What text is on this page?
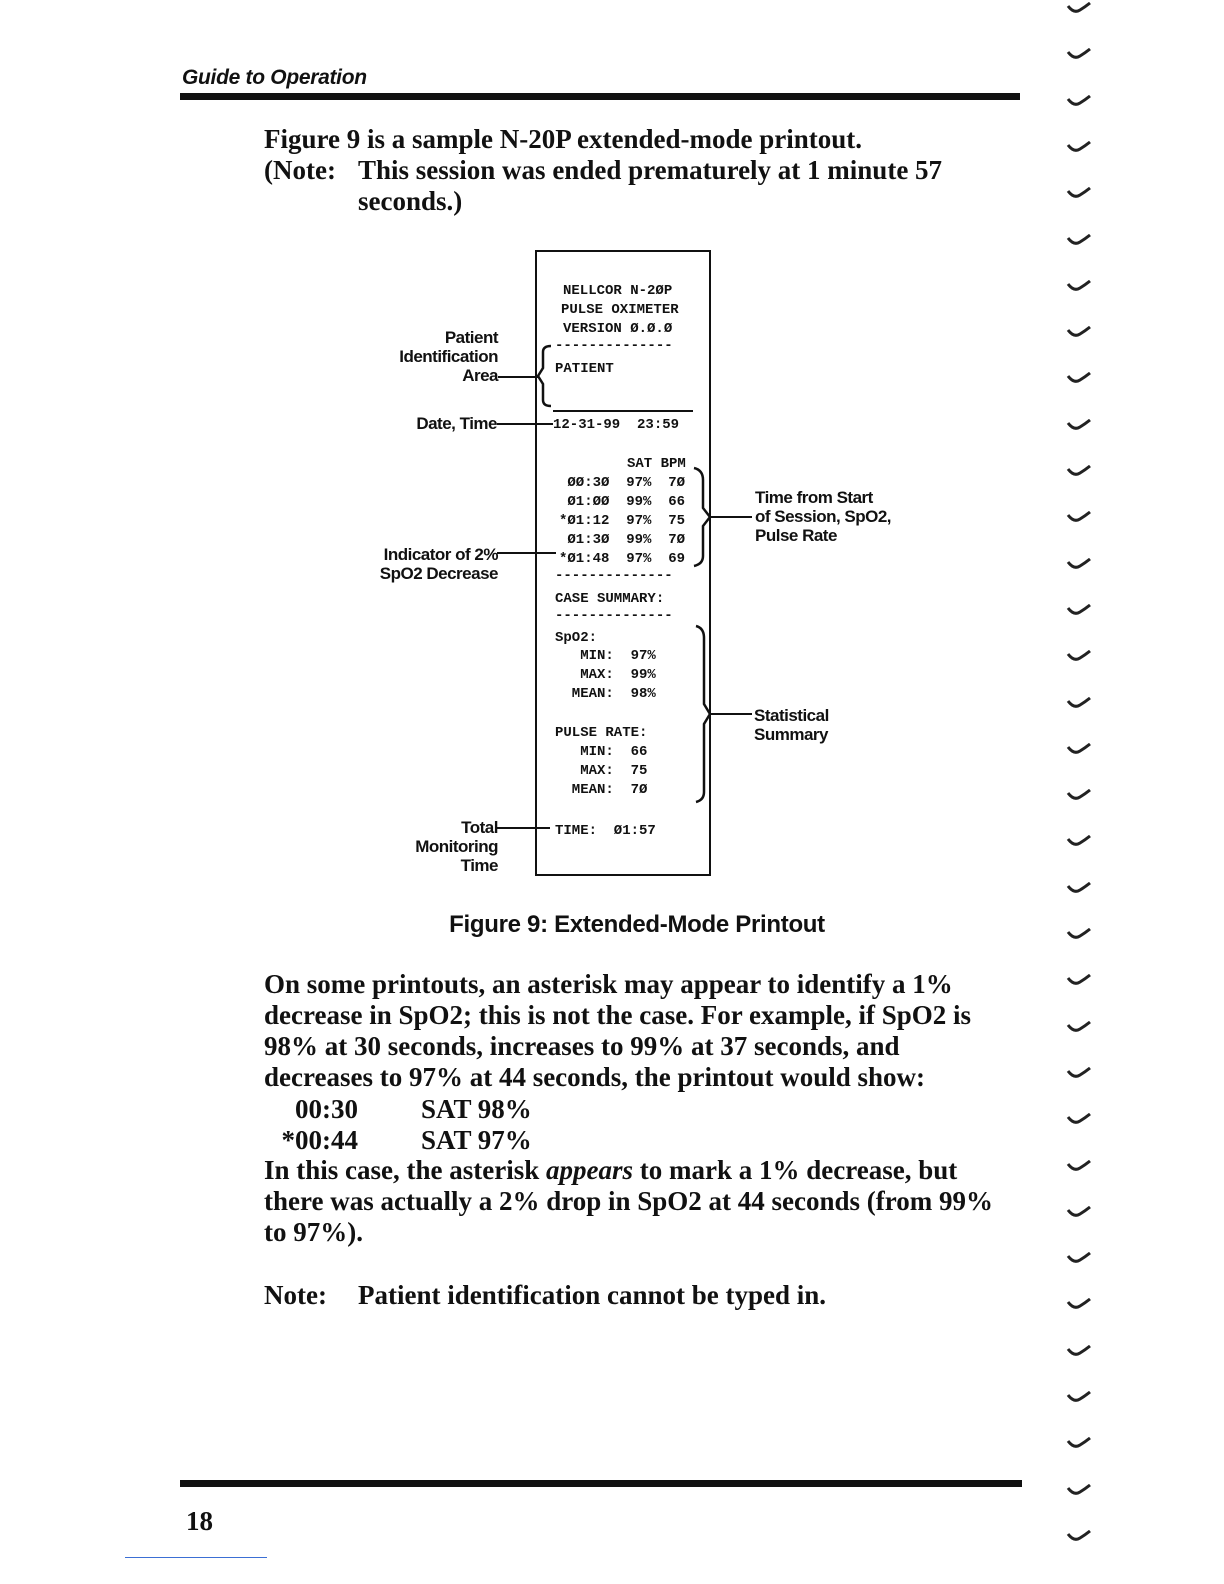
Guide to Operation
Figure 9 is a sample N-20P extended-mode printout.
(Note: This session was ended prematurely at 1 minute 57 seconds.)
NELLCOR N-2ØP
PULSE OXIMETER
VERSION Ø.Ø.Ø
--------------
PATIENT
12-31-99  23:59
SAT BPM
ØØ:3Ø  97%  7Ø
Ø1:ØØ  99%  66
*Ø1:12  97%  75
Ø1:3Ø  99%  7Ø
*Ø1:48  97%  69
--------------
CASE SUMMARY:
--------------
SpO2:
MIN:  97%
MAX:  99%
MEAN:  98%
PULSE RATE:
MIN:  66
MAX:  75
MEAN:  7Ø
TIME:  Ø1:57
Patient
Identification
Area
Date, Time
Indicator of 2%
SpO2 Decrease
Total
Monitoring
Time
Time from Start
of Session, SpO2,
Pulse Rate
Statistical
Summary
Figure 9: Extended-Mode Printout
On some printouts, an asterisk may appear to identify a 1% decrease in SpO2; this is not the case. For example, if SpO2 is 98% at 30 seconds, increases to 99% at 37 seconds, and decreases to 97% at 44 seconds, the printout would show:
00:30 SAT 98%
*00:44 SAT 97%
In this case, the asterisk appears to mark a 1% decrease, but there was actually a 2% drop in SpO2 at 44 seconds (from 99% to 97%).
Note: Patient identification cannot be typed in.
18
